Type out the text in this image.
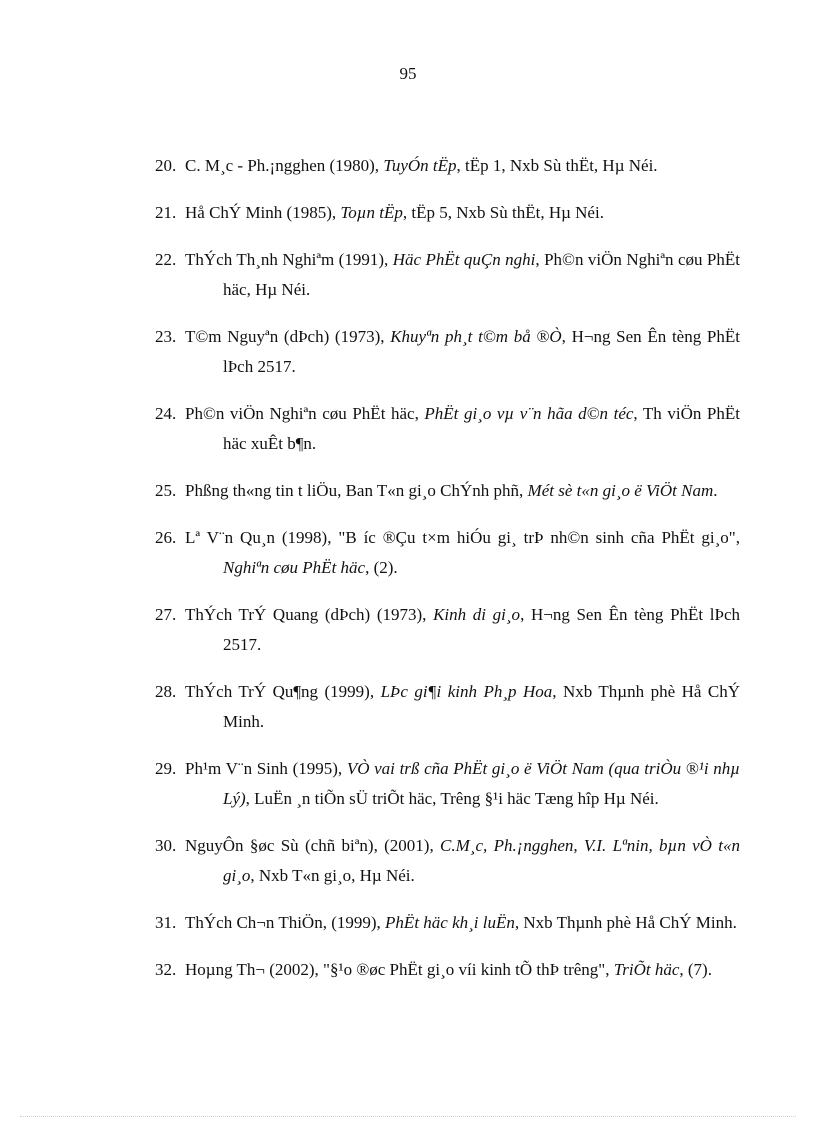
95

20. C. M¸c - Ph.¡ngghen (1980), TuyÓn tËp, tËp 1, Nxb Sù thËt, Hµ Néi.

21. Hå ChÝ Minh (1985), Toµn tËp, tËp 5, Nxb Sù thËt, Hµ Néi.

22. ThÝch Th¸nh Nghiªm (1991), Häc PhËt quÇn nghi, Ph©n viÖn Nghiªn cøu PhËt häc, Hµ Néi.

23. T©m Nguyªn (dÞch) (1973), Khuyªn ph¸t t©m bå ®Ò, H¬ng Sen Ên tèng PhËt lÞch 2517.

24. Ph©n viÖn Nghiªn cøu PhËt häc, PhËt gi¸o vµ v¨n hãa d©n téc, Th viÖn PhËt häc xuÊt b¶n.

25. Phßng th«ng tin t liÖu, Ban T«n gi¸o ChÝnh phñ, Mét sè t«n gi¸o ë ViÖt Nam.

26. Lª V¨n Qu¸n (1998), "B íc ®Çu t×m hiÓu gi¸ trÞ nh©n sinh cña PhËt gi¸o", Nghiªn cøu PhËt häc, (2).

27. ThÝch TrÝ Quang (dÞch) (1973), Kinh di gi¸o, H¬ng Sen Ên tèng PhËt lÞch 2517.

28. ThÝch TrÝ Qu¶ng (1999), LÞc gi¶i kinh Ph¸p Hoa, Nxb Thµnh phè Hå ChÝ Minh.

29. Ph¹m V¨n Sinh (1995), VÒ vai trß cña PhËt gi¸o ë ViÖt Nam (qua triÒu ®¹i nhµ Lý), LuËn ¸n tiÕn sÜ triÕt häc, Trêng §¹i häc Tæng hîp Hµ Néi.

30. NguyÔn §øc Sù (chñ biªn), (2001), C.M¸c, Ph.¡ngghen, V.I. Lªnin, bµn vÒ t«n gi¸o, Nxb T«n gi¸o, Hµ Néi.

31. ThÝch Ch¬n ThiÖn, (1999), PhËt häc kh¸i luËn, Nxb Thµnh phè Hå ChÝ Minh.

32. Hoµng Th¬ (2002), "§¹o ®øc PhËt gi¸o víi kinh tÕ thÞ trêng", TriÕt häc, (7).
